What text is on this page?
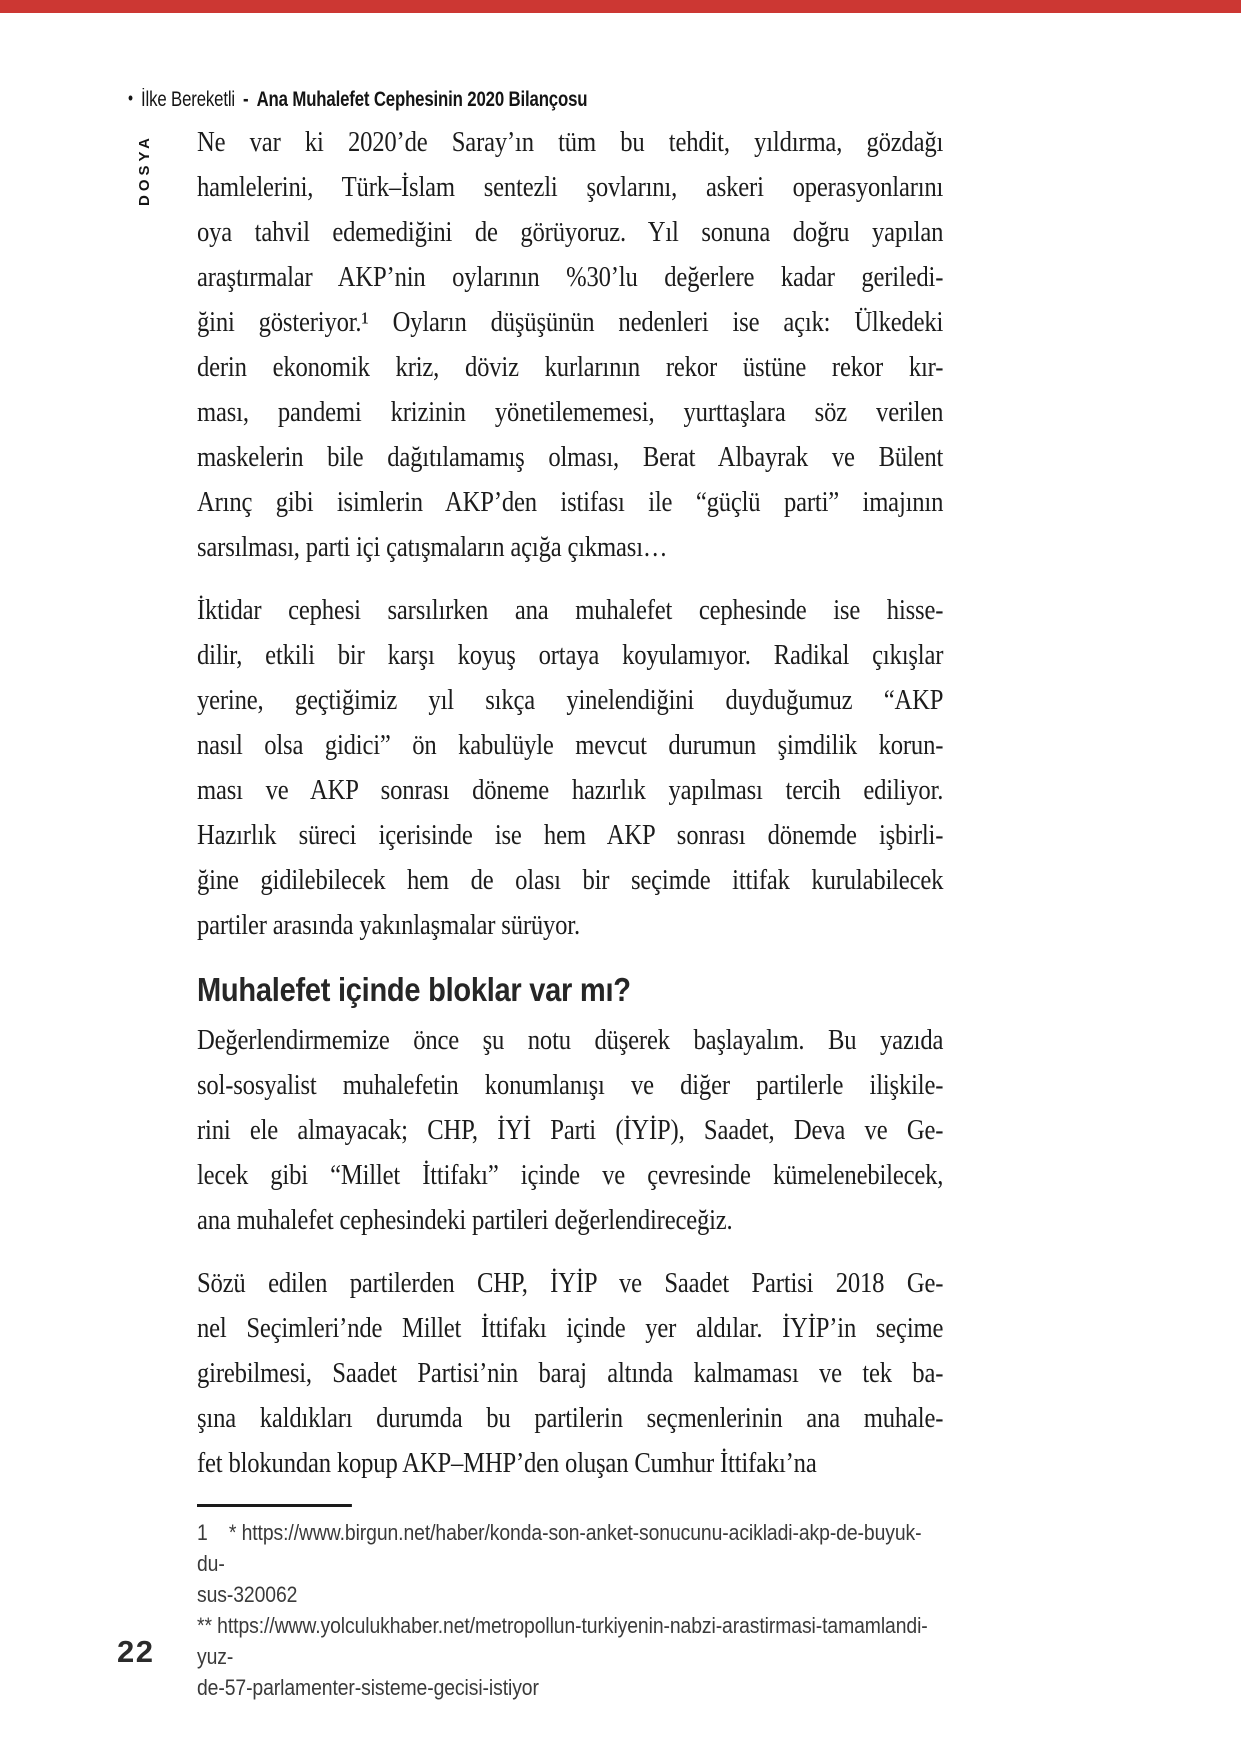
• İlke Bereketli - Ana Muhalefet Cephesinin 2020 Bilançosu
DOSYA Ne var ki 2020’de Saray’ın tüm bu tehdit, yıldırma, gözdağı
hamlelerini, Türk–İslam sentezli şovlarını, askeri operasyonlarını
oya tahvil edemediğini de görüyoruz. Yıl sonuna doğru yapılan
araştırmalar AKP’nin oylarının %30’lu değerlere kadar geriledi-
ğini gösteriyor.¹ Oyların düşüşünün nedenleri ise açık: Ülkedeki
derin ekonomik kriz, döviz kurlarının rekor üstüne rekor kır-
ması, pandemi krizinin yönetilememesi, yurttaşlara söz verilen
maskelerin bile dağıtılamamış olması, Berat Albayrak ve Bülent
Arınç gibi isimlerin AKP’den istifası ile “güçlü parti” imajının
sarsılması, parti içi çatışmaların açığa çıkması…
İktidar cephesi sarsılırken ana muhalefet cephesinde ise hisse-
dilir, etkili bir karşı koyuş ortaya koyulamıyor. Radikal çıkışlar
yerine, geçtiğimiz yıl sıkça yinelendiğini duyduğumuz “AKP
nasıl olsa gidici” ön kabulüyle mevcut durumun şimdilik korun-
ması ve AKP sonrası döneme hazırlık yapılması tercih ediliyor.
Hazırlık süreci içerisinde ise hem AKP sonrası dönemde işbirli-
ğine gidilebilecek hem de olası bir seçimde ittifak kurulabilecek
partiler arasında yakınlaşmalar sürüyor.
Muhalefet içinde bloklar var mı?
Değerlendirmemize önce şu notu düşerek başlayalım. Bu yazıda
sol-sosyalist muhalefetin konumlanışı ve diğer partilerle ilişkile-
rini ele almayacak; CHP, İYİ Parti (İYİP), Saadet, Deva ve Ge-
lecek gibi “Millet İttifakı” içinde ve çevresinde kümelenebilecek,
ana muhalefet cephesindeki partileri değerlendireceğiz.
Sözü edilen partilerden CHP, İYİP ve Saadet Partisi 2018 Ge-
nel Seçimleri’nde Millet İttifakı içinde yer aldılar. İYİP’in seçime
girebilmesi, Saadet Partisi’nin baraj altında kalmaması ve tek ba-
şına kaldıkları durumda bu partilerin seçmenlerinin ana muhale-
fet blokundan kopup AKP–MHP’den oluşan Cumhur İttifakı’na
1    * https://www.birgun.net/haber/konda-son-anket-sonucunu-acikladi-akp-de-buyuk-du-
sus-320062
** https://www.yolculukhaber.net/metropollun-turkiyenin-nabzi-arastirmasi-tamamlandi-yuz-
de-57-parlamenter-sisteme-gecisi-istiyor
22
